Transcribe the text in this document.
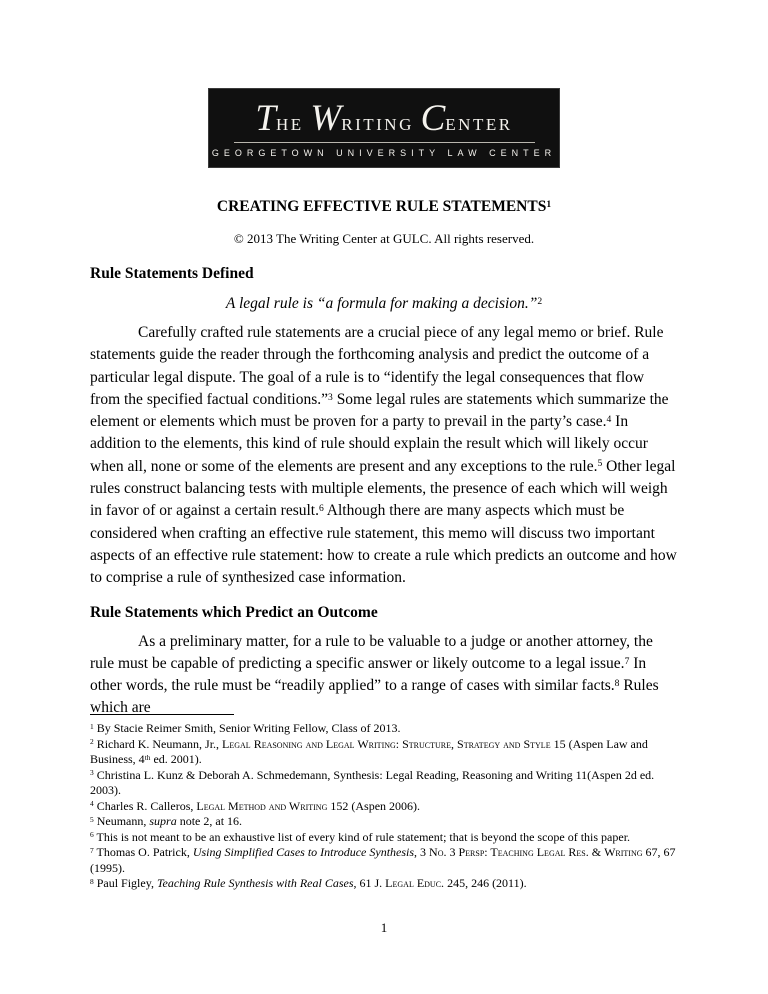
THE WRITING CENTER
GEORGETOWN UNIVERSITY LAW CENTER
CREATING EFFECTIVE RULE STATEMENTS$^1$

© 2013 The Writing Center at GULC. All rights reserved.

Rule Statements Defined

A legal rule is “a formula for making a decision.”$^2$

Carefully crafted rule statements are a crucial piece of any legal memo or brief. Rule statements guide the reader through the forthcoming analysis and predict the outcome of a particular legal dispute. The goal of a rule is to “identify the legal consequences that flow from the specified factual conditions.”$^3$ Some legal rules are statements which summarize the element or elements which must be proven for a party to prevail in the party’s case.$^4$ In addition to the elements, this kind of rule should explain the result which will likely occur when all, none or some of the elements are present and any exceptions to the rule.$^5$ Other legal rules construct balancing tests with multiple elements, the presence of each which will weigh in favor of or against a certain result.$^6$ Although there are many aspects which must be considered when crafting an effective rule statement, this memo will discuss two important aspects of an effective rule statement: how to create a rule which predicts an outcome and how to comprise a rule of synthesized case information.

Rule Statements which Predict an Outcome

As a preliminary matter, for a rule to be valuable to a judge or another attorney, the rule must be capable of predicting a specific answer or likely outcome to a legal issue.$^7$ In other words, the rule must be “readily applied” to a range of cases with similar facts.$^8$ Rules which are

$^1$ By Stacie Reimer Smith, Senior Writing Fellow, Class of 2013.
$^2$ Richard K. Neumann, Jr., Legal Reasoning and Legal Writing: Structure, Strategy and Style 15 (Aspen Law and Business, 4th ed. 2001).
$^3$ Christina L. Kunz & Deborah A. Schmedemann, Synthesis: Legal Reading, Reasoning and Writing 11(Aspen 2d ed. 2003).
$^4$ Charles R. Calleros, Legal Method and Writing 152 (Aspen 2006).
$^5$ Neumann, supra note 2, at 16.
$^6$ This is not meant to be an exhaustive list of every kind of rule statement; that is beyond the scope of this paper.
$^7$ Thomas O. Patrick, Using Simplified Cases to Introduce Synthesis, 3 No. 3 Persp: Teaching Legal Res. & Writing 67, 67 (1995).
$^8$ Paul Figley, Teaching Rule Synthesis with Real Cases, 61 J. Legal Educ. 245, 246 (2011).
1
